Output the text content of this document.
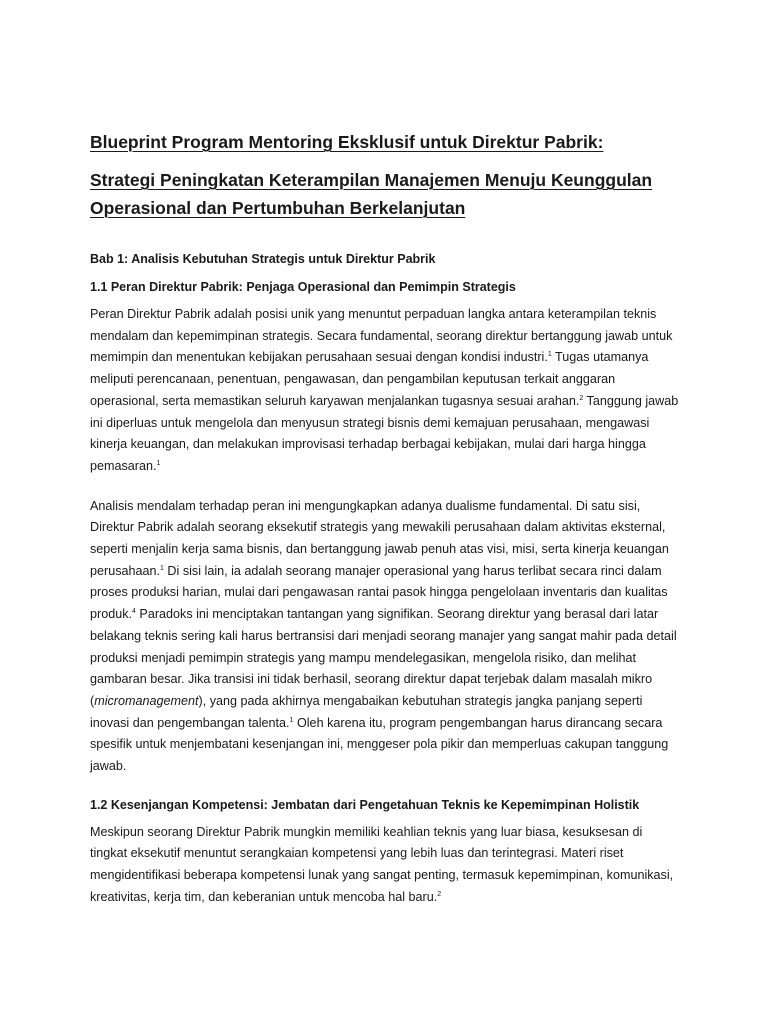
Blueprint Program Mentoring Eksklusif untuk Direktur Pabrik:
Strategi Peningkatan Keterampilan Manajemen Menuju Keunggulan Operasional dan Pertumbuhan Berkelanjutan
Bab 1: Analisis Kebutuhan Strategis untuk Direktur Pabrik
1.1 Peran Direktur Pabrik: Penjaga Operasional dan Pemimpin Strategis

Peran Direktur Pabrik adalah posisi unik yang menuntut perpaduan langka antara keterampilan teknis mendalam dan kepemimpinan strategis. Secara fundamental, seorang direktur bertanggung jawab untuk memimpin dan menentukan kebijakan perusahaan sesuai dengan kondisi industri.$^1$ Tugas utamanya meliputi perencanaan, penentuan, pengawasan, dan pengambilan keputusan terkait anggaran operasional, serta memastikan seluruh karyawan menjalankan tugasnya sesuai arahan.$^2$ Tanggung jawab ini diperluas untuk mengelola dan menyusun strategi bisnis demi kemajuan perusahaan, mengawasi kinerja keuangan, dan melakukan improvisasi terhadap berbagai kebijakan, mulai dari harga hingga pemasaran.$^1$

Analisis mendalam terhadap peran ini mengungkapkan adanya dualisme fundamental. Di satu sisi, Direktur Pabrik adalah seorang eksekutif strategis yang mewakili perusahaan dalam aktivitas eksternal, seperti menjalin kerja sama bisnis, dan bertanggung jawab penuh atas visi, misi, serta kinerja keuangan perusahaan.$^1$ Di sisi lain, ia adalah seorang manajer operasional yang harus terlibat secara rinci dalam proses produksi harian, mulai dari pengawasan rantai pasok hingga pengelolaan inventaris dan kualitas produk.$^4$ Paradoks ini menciptakan tantangan yang signifikan. Seorang direktur yang berasal dari latar belakang teknis sering kali harus bertransisi dari menjadi seorang manajer yang sangat mahir pada detail produksi menjadi pemimpin strategis yang mampu mendelegasikan, mengelola risiko, dan melihat gambaran besar. Jika transisi ini tidak berhasil, seorang direktur dapat terjebak dalam masalah mikro (micromanagement), yang pada akhirnya mengabaikan kebutuhan strategis jangka panjang seperti inovasi dan pengembangan talenta.$^1$ Oleh karena itu, program pengembangan harus dirancang secara spesifik untuk menjembatani kesenjangan ini, menggeser pola pikir dan memperluas cakupan tanggung jawab.

1.2 Kesenjangan Kompetensi: Jembatan dari Pengetahuan Teknis ke Kepemimpinan Holistik

Meskipun seorang Direktur Pabrik mungkin memiliki keahlian teknis yang luar biasa, kesuksesan di tingkat eksekutif menuntut serangkaian kompetensi yang lebih luas dan terintegrasi. Materi riset mengidentifikasi beberapa kompetensi lunak yang sangat penting, termasuk kepemimpinan, komunikasi, kreativitas, kerja tim, dan keberanian untuk mencoba hal baru.$^2$
